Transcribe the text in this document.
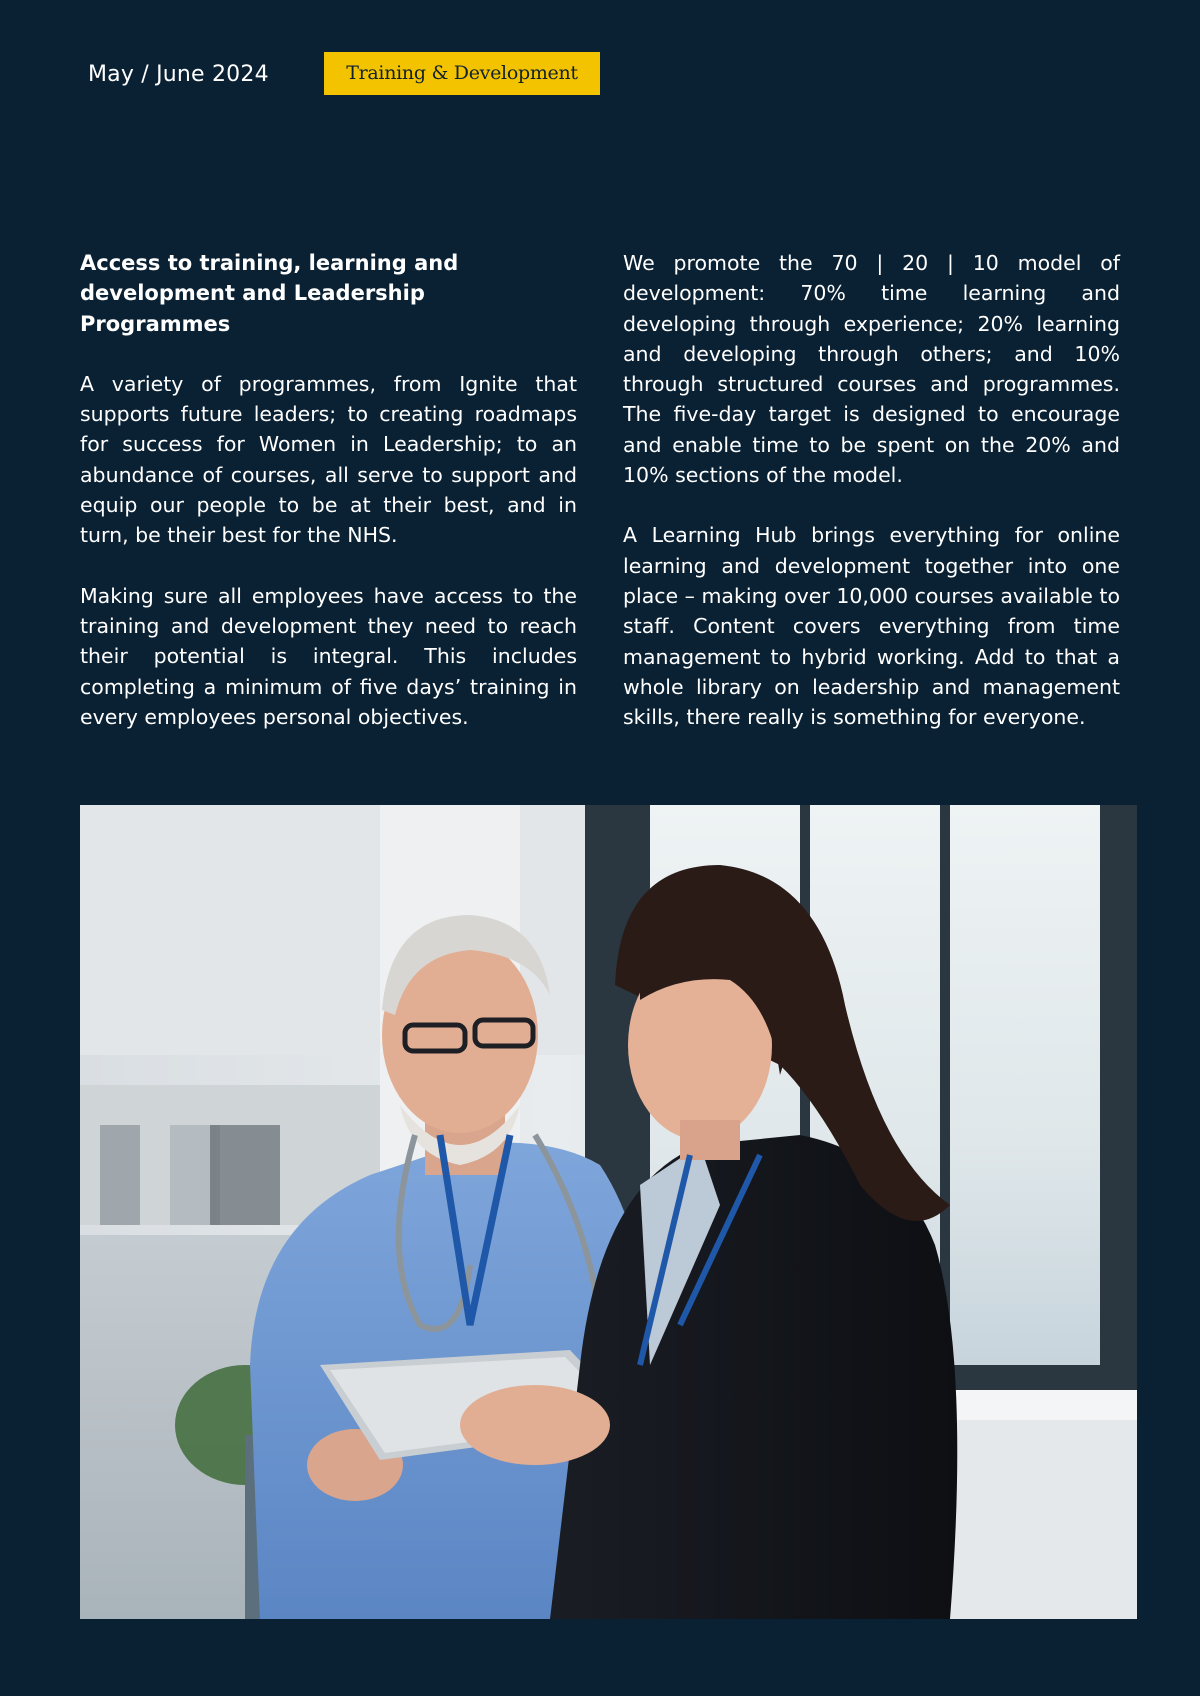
May / June 2024	Training & Development
Access to training, learning and development and Leadership Programmes

A variety of programmes, from Ignite that supports future leaders; to creating roadmaps for success for Women in Leadership; to an abundance of courses, all serve to support and equip our people to be at their best, and in turn, be their best for the NHS.

Making sure all employees have access to the training and development they need to reach their potential is integral. This includes completing a minimum of five days’ training in every employees personal objectives.

We promote the 70 | 20 | 10 model of development: 70% time learning and developing through experience; 20% learning and developing through others; and 10% through structured courses and programmes. The five-day target is designed to encourage and enable time to be spent on the 20% and 10% sections of the model.

A Learning Hub brings everything for online learning and development together into one place – making over 10,000 courses available to staff. Content covers everything from time management to hybrid working. Add to that a whole library on leadership and management skills, there really is something for everyone.
